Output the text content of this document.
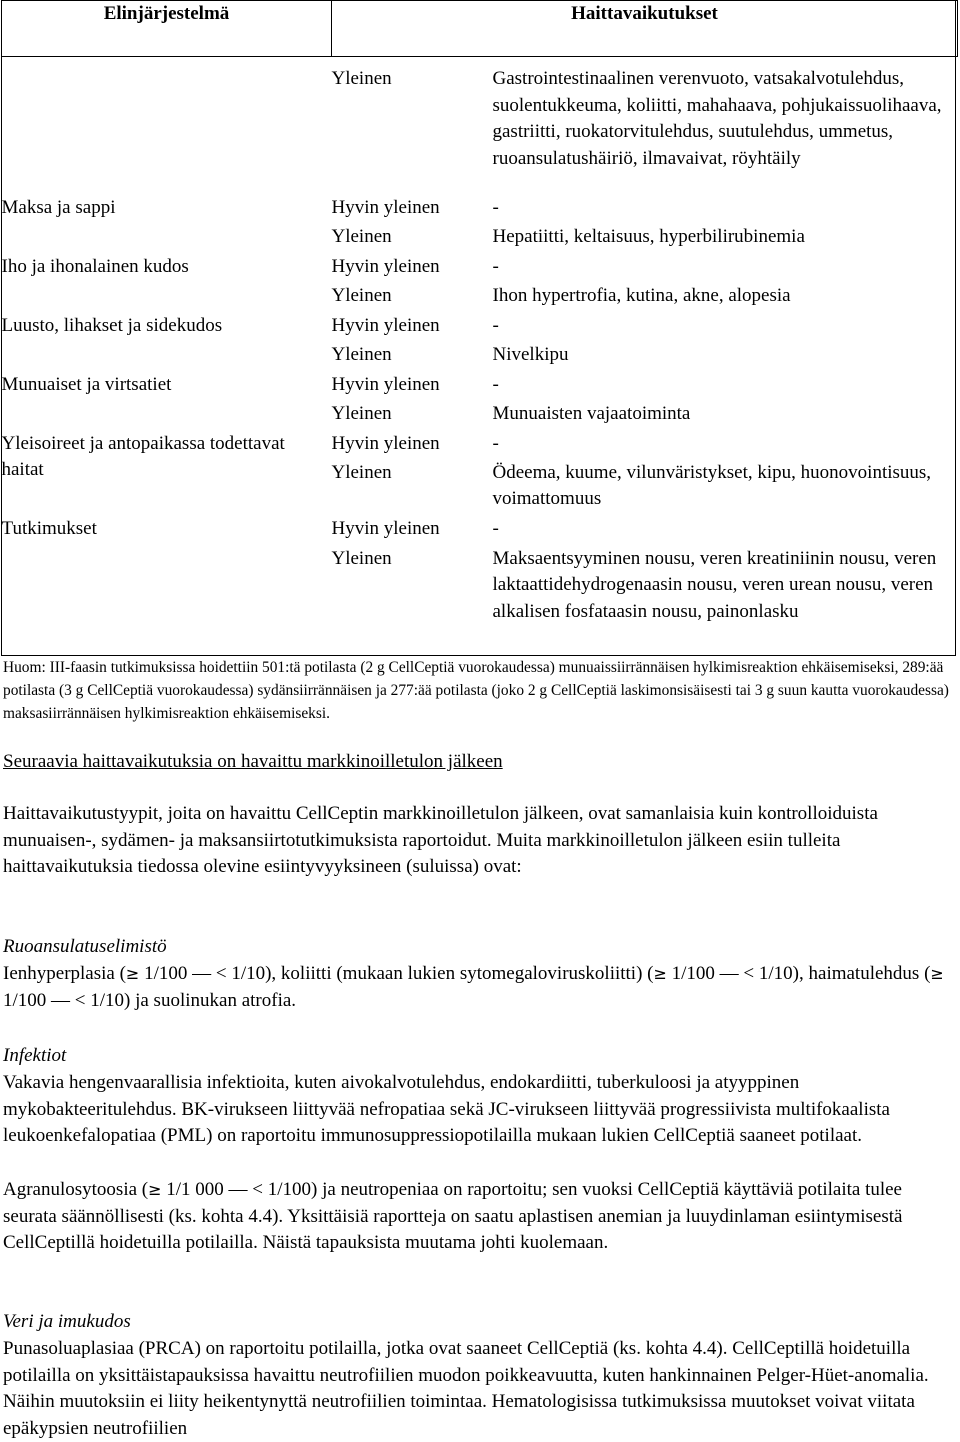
Elinjärjestelmä	Haittavaikutukset	
	Yleinen	Gastrointestinaalinen verenvuoto, vatsakalvotulehdus, suolentukkeuma, koliitti, mahahaava, pohjukaissuolihaava, gastriitti, ruokatorvitulehdus, suutulehdus, ummetus, ruoansulatushäiriö, ilmavaivat, röyhtäily
Maksa ja sappi	Hyvin yleinen	-
	Yleinen	Hepatiitti, keltaisuus, hyperbilirubinemia
Iho ja ihonalainen kudos	Hyvin yleinen	-
	Yleinen	Ihon hypertrofia, kutina, akne, alopesia
Luusto, lihakset ja sidekudos	Hyvin yleinen	-
	Yleinen	Nivelkipu
Munuaiset ja virtsatiet	Hyvin yleinen	-
	Yleinen	Munuaisten vajaatoiminta
Yleisoireet ja antopaikassa todettavat haitat	Hyvin yleinen	-
	Yleinen	Ödeema, kuume, vilunväristykset, kipu, huonovointisuus, voimattomuus
Tutkimukset	Hyvin yleinen	-
	Yleinen	Maksaentsyyminen nousu, veren kreatiniinin nousu, veren laktaattidehydrogenaasin nousu, veren urean nousu, veren alkalisen fosfataasin nousu, painonlasku
Huom: III-faasin tutkimuksissa hoidettiin 501:tä potilasta (2 g CellCeptiä vuorokaudessa) munuaissiirrännäisen hylkimisreaktion ehkäisemiseksi, 289:ää potilasta (3 g CellCeptiä vuorokaudessa) sydänsiirrännäisen ja 277:ää potilasta (joko 2 g CellCeptiä laskimonsisäisesti tai 3 g suun kautta vuorokaudessa) maksasiirrännäisen hylkimisreaktion ehkäisemiseksi.
Seuraavia haittavaikutuksia on havaittu markkinoilletulon jälkeen
Haittavaikutustyypit, joita on havaittu CellCeptin markkinoilletulon jälkeen, ovat samanlaisia kuin kontrolloiduista munuaisen-, sydämen- ja maksansiirtotutkimuksista raportoidut. Muita markkinoilletulon jälkeen esiin tulleita haittavaikutuksia tiedossa olevine esiintyvyyksineen (suluissa) ovat:
Ruoansulatuselimistö
Ienhyperplasia (≥ 1/100 — < 1/10), koliitti (mukaan lukien sytomegaloviruskoliitti) (≥ 1/100 — < 1/10), haimatulehdus (≥ 1/100 — < 1/10) ja suolinukan atrofia.
Infektiot
Vakavia hengenvaarallisia infektioita, kuten aivokalvotulehdus, endokardiitti, tuberkuloosi ja atyyppinen mykobakteeritulehdus. BK-virukseen liittyvää nefropatiaa sekä JC-virukseen liittyvää progressiivista multifokaalista leukoenkefalopatiaa (PML) on raportoitu immunosuppressiopotilailla mukaan lukien CellCeptiä saaneet potilaat.
Agranulosytoosia (≥ 1/1 000 — < 1/100) ja neutropeniaa on raportoitu; sen vuoksi CellCeptiä käyttäviä potilaita tulee seurata säännöllisesti (ks. kohta 4.4). Yksittäisiä raportteja on saatu aplastisen anemian ja luuydinlaman esiintymisestä CellCeptillä hoidetuilla potilailla. Näistä tapauksista muutama johti kuolemaan.
Veri ja imukudos
Punasoluaplasiaa (PRCA) on raportoitu potilailla, jotka ovat saaneet CellCeptiä (ks. kohta 4.4). CellCeptillä hoidetuilla potilailla on yksittäistapauksissa havaittu neutrofiilien muodon poikkeavuutta, kuten hankinnainen Pelger-Hüet-anomalia. Näihin muutoksiin ei liity heikentynyttä neutrofiilien toimintaa. Hematologisissa tutkimuksissa muutokset voivat viitata epäkypsien neutrofiilien
